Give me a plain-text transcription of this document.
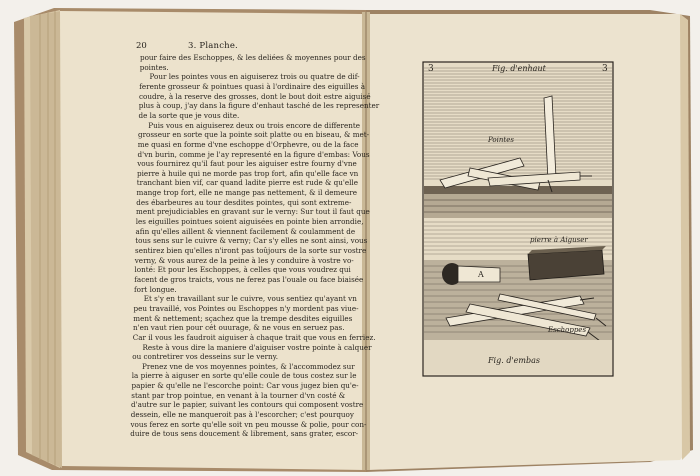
20	3. Planche.
pour faire des Eschoppes, & les deliées & moyennes pour des
pointes.
Pour les pointes vous en aiguiserez trois ou quatre de dif-
ferente grosseur & pointues quasi à l'ordinaire des eiguilles à
coudre, à la reserve des grosses, dont le bout doit estre aiguisé
plus à coup, j'ay dans la figure d'enhaut tasché de les representer
de la sorte que je vous dite.
Puis vous en aiguiserez deux ou trois encore de differente
grosseur en sorte que la pointe soit platte ou en biseau, & met-
me quasi en forme d'vne eschoppe d'Orphevre, ou de la face
d'vn burin, comme je l'ay representé en la figure d'embas: Vous
vous fournirez qu'il faut pour les aiguiser estre fourny d'vne
pierre à huile qui ne morde pas trop fort, afin qu'elle face vn
tranchant bien vif, car quand ladite pierre est rude & qu'elle
mange trop fort, elle ne mange pas nettement, & il demeure
des ébarbeures au tour desdites pointes, qui sont extreme-
ment prejudiciables en gravant sur le verny: Sur tout il faut que
les eiguilles pointues soient aiguisées en pointe bien arrondie,
afin qu'elles aillent & viennent facilement & coulamment de
tous sens sur le cuivre & verny; Car s'y elles ne sont ainsi, vous
sentirez bien qu'elles n'iront pas toûjours de la sorte sur vostre
verny, & vous aurez de la peine à les y conduire à vostre vo-
lonté: Et pour les Eschoppes, à celles que vous voudrez qui
facent de gros traicts, vous ne ferez pas l'ouale ou face biaisée
fort longue.
Et s'y en travaillant sur le cuivre, vous sentiez qu'ayant vn
peu travaillé, vos Pointes ou Eschoppes n'y mordent pas viue-
ment & nettement; sçachez que la trempe desdites eiguilles
n'en vaut rien pour cét ouurage, & ne vous en seruez pas.
Car il vous les faudroit aiguiser à chaque trait que vous en ferriez.
Reste à vous dire la maniere d'aiguiser vostre pointe à calquer
ou contretirer vos desseins sur le verny.
Prenez vne de vos moyennes pointes, & l'accommodez sur
la pierre à aiguser en sorte qu'elle coule de tous costez sur le
papier & qu'elle ne l'escorche point: Car vous jugez bien qu'e-
stant par trop pointue, en venant à la tourner d'vn costé &
d'autre sur le papier, suivant les contours qui composent vostre
dessein, elle ne manqueroit pas à l'escorcher; c'est pourquoy
vous ferez en sorte qu'elle soit vn peu mousse & polie, pour con-
duire de tous sens doucement & librement, sans grater, escor-
3	3
Fig. d'enhaut
Pointes
pierre à Aiguser
A
Eschoppes
Fig. d'embas
